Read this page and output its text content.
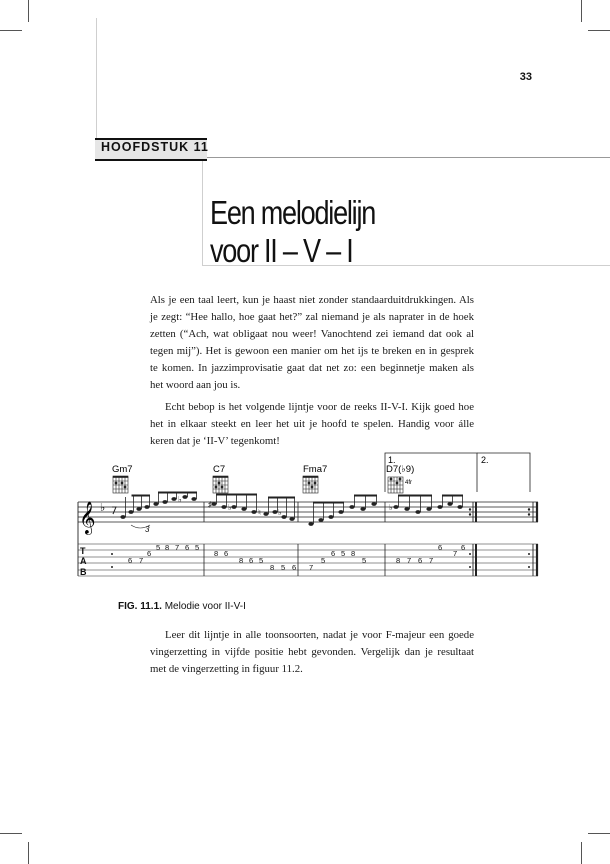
33
HOOFDSTUK 11
Een melodielijn
voor II – V – I

Als je een taal leert, kun je haast niet zonder standaarduitdrukkingen. Als je zegt: “Hee hallo, hoe gaat het?” zal niemand je als naprater in de hoek zetten (“Ach, wat obligaat nou weer! Vanochtend zei iemand dat ook al tegen mij”). Het is gewoon een manier om het ijs te breken en in gesprek te komen. In jazzimprovisatie gaat dat net zo: een beginnetje maken als het woord aan jou is.

Echt bebop is het volgende lijntje voor de reeks II-V-I. Kijk goed hoe het in elkaar steekt en leer het uit je hoofd te spelen. Handig voor álle keren dat je ‘II-V’ tegenkomt!

1.	2.
Gm7	C7	Fma7	D7(♭9)
4fr
𝄞 ♭
♭
♯ ♭
♮ ♭
♭
3
T
A
B
6
6	6
6
5 8 7 6 5
8	6 5 8
5
7
6 7	8 6 5	5	8 7 6 7
8 5 6 7
FIG. 11.1. Melodie voor II-V-I

Leer dit lijntje in alle toonsoorten, nadat je voor F-majeur een goede vingerzetting in vijfde positie hebt gevonden. Vergelijk dan je resultaat met de vingerzetting in figuur 11.2.
